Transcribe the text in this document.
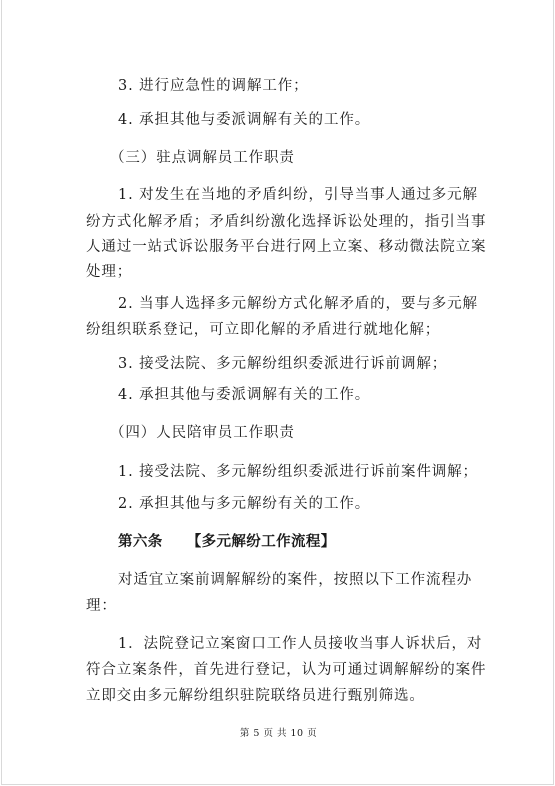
3. 进行应急性的调解工作；
4. 承担其他与委派调解有关的工作。
（三）驻点调解员工作职责
1. 对发生在当地的矛盾纠纷，引导当事人通过多元解
纷方式化解矛盾；矛盾纠纷激化选择诉讼处理的，指引当事
人通过一站式诉讼服务平台进行网上立案、移动微法院立案
处理；
2. 当事人选择多元解纷方式化解矛盾的，要与多元解
纷组织联系登记，可立即化解的矛盾进行就地化解；
3. 接受法院、多元解纷组织委派进行诉前调解；
4. 承担其他与委派调解有关的工作。
（四）人民陪审员工作职责
1. 接受法院、多元解纷组织委派进行诉前案件调解；
2. 承担其他与多元解纷有关的工作。
第六条 【多元解纷工作流程】
对适宜立案前调解解纷的案件，按照以下工作流程办
理：
1．法院登记立案窗口工作人员接收当事人诉状后，对
符合立案条件，首先进行登记，认为可通过调解解纷的案件
立即交由多元解纷组织驻院联络员进行甄别筛选。
第 5 页 共 10 页
